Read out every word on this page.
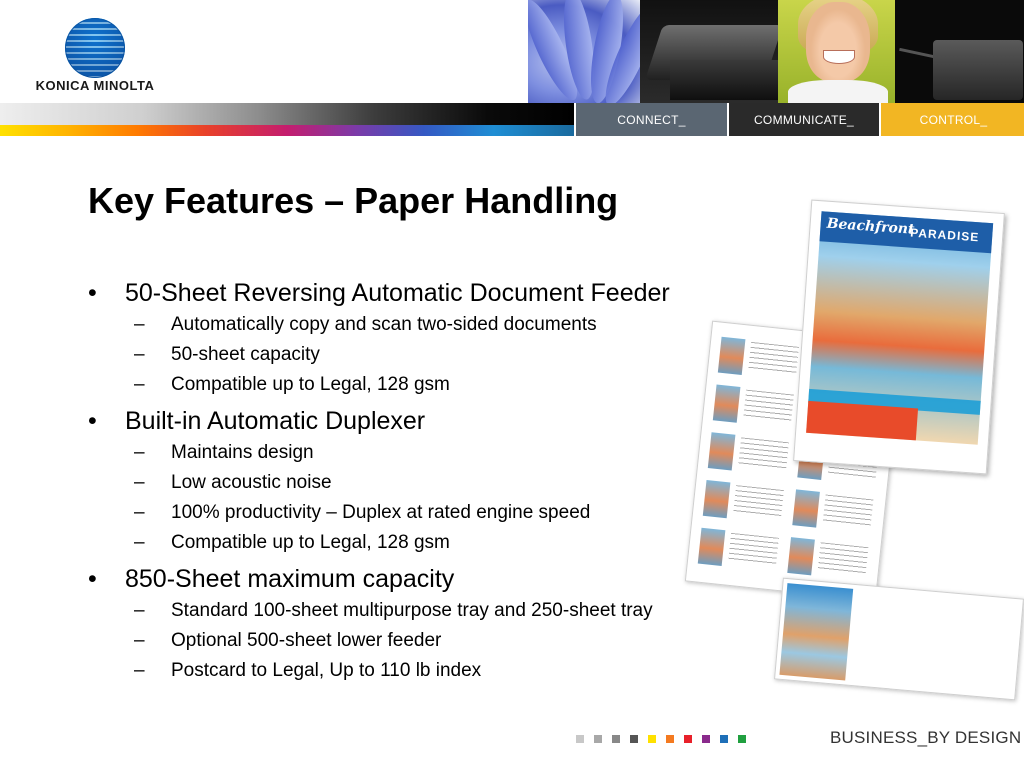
KONICA MINOLTA
CONNECT_	COMMUNICATE_	CONTROL_
Key Features – Paper Handling
•	50-Sheet Reversing Automatic Document Feeder
–	Automatically copy and scan two-sided documents
–	50-sheet capacity
–	Compatible up to Legal, 128 gsm
•	Built-in Automatic Duplexer
–	Maintains design
–	Low acoustic noise
–	100% productivity – Duplex at rated engine speed
–	Compatible up to Legal, 128 gsm
•	850-Sheet maximum capacity
–	Standard 100-sheet multipurpose tray and 250-sheet tray
–	Optional 500-sheet lower feeder
–	Postcard to Legal, Up to 110 lb index
Beachfront
PARADISE
BUSINESS_BY DESIGN
